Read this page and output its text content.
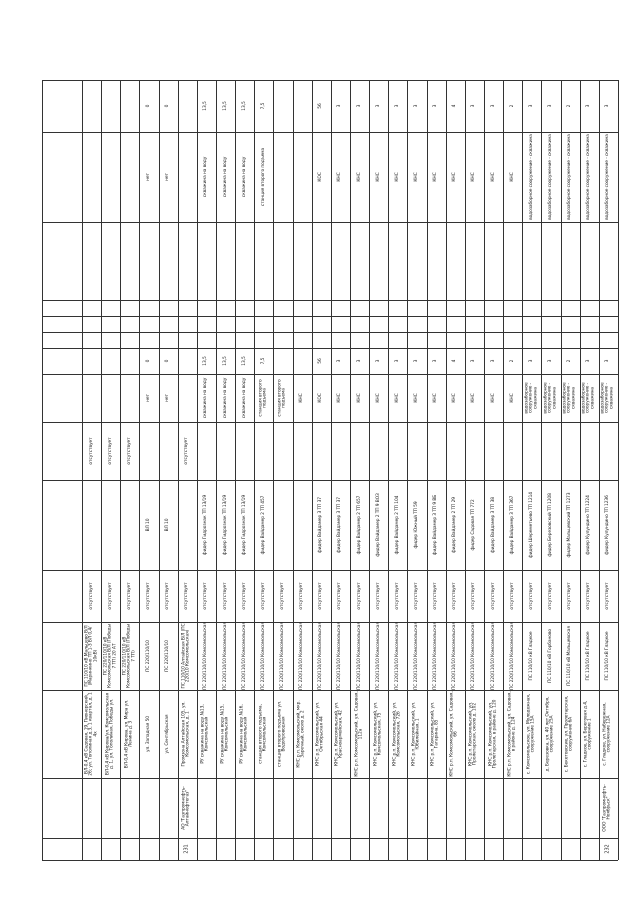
ВЛ-0,4 кВ Садовая, 19, Пионерский, 26; ул. Тополиная д.3, 1 квартал, д. 1 4х
ПС 110/10 кВ Мальцево В/Л (Маринкино ТП 1-3 ВЛ 0,4/ 10кВ)
отсутствует
отсутствует
ВЛ-0,4 кВ Кирова/ул. Комсомольская д. 1, ул. Тополиная, Победы ул.
ПС 220/110/10 кВ Комсомольская В/Л (Победы 7 ТП) 20 АТ
отсутствует
отсутствует
ВЛ-0,4 кВ Кирова, ул. Мира ул. Ленина д. 3
ПС 220/110/10 кВ Комсомольская В/Л (Победы 7 ТП)
отсутствует
отсутствует
ул. Западная 50
ПС 220/110/10
отсутствует
ВЛ 10
нет
0
нет
0
ул. Сентябрьская
ПС 220/110/10
отсутствует
ВЛ 10
нет
0
нет
0
231
АО "Газпромнефть-Алтайнефтегаз"
Промзона Алтайская 105, ул. Комсомольская, д. 1
ПС 110/10 Алтайская В/Л (ПС 220/10 Комсомольская)
отсутствует
отсутствует
РУ скважина на воду №13, Комсомольская
ПС 220/110/10 Комсомольская
отсутствует
фидер Гидрознак ТП 13/19
скважина на воду
13,5
скважина на воду
13,5
РУ скважина на воду №15, Комсомольская
ПС 220/110/10 Комсомольская
отсутствует
фидер Гидрознак ТП 13/19
скважина на воду
13,5
скважина на воду
13,5
РУ скважина на воду №16, Комсомольская
ПС 220/110/10 Комсомольская
отсутствует
фидер Гидрознак ТП 13/19
скважина на воду
13,5
скважина на воду
13,5
станция второго подъема, Комсомольская
ПС 220/110/10 Комсомольская
отсутствует
фидер Вайдамер 2 ТП 457
станция второго подъема
7,5
станция второго подъема
7,5
станция второго подъема ул. Водопроводная
ПС 220/110/10 Комсомольская
отсутствует
станция второго подъема
КНС р.п. Комсомольский, мкр. Заречный, около д. 2
ПС 220/110/10 Комсомольская
отсутствует
КНС
КНС р.п. Комсомольский, ул. Октябрьская 44
ПС 220/110/10 Комсомольская
отсутствует
фидер Вайдамер 3 ТП 37
КОС
56
КОС
56
КНС р.п. Комсомольский, ул. Красноармейская, 42
ПС 220/110/10 Комсомольская
отсутствует
фидер Вайдамер 3 ТП 37
КНС
3
КНС
3
КНС р.п. Комсомольский, ул. Садовая, 112а
ПС 220/110/10 Комсомольская
отсутствует
фидер Вайдамер 2 ТП 657
КНС
3
КНС
3
КНС р.п. Комсомольский, ул. Комсомольская, 75
ПС 220/110/10 Комсомольская
отсутствует
фидер Вайдамер 2 ТП 9 ВОЗ
КНС
3
КНС
3
КНС р.п. Комсомольский, ул. Комсомольская, 72б
ПС 220/110/10 Комсомольская
отсутствует
фидер Вайдамер 2 ТП 104
КНС
3
КНС
3
КНС р.п. Комсомольский, ул. Юбилейная, 1
ПС 220/110/10 Комсомольская
отсутствует
фидер Южный ТП 59
КНС
3
КНС
3
КНС р.п. Комсомольский, ул. Гагарина, 85
ПС 220/110/10 Комсомольская
отсутствует
фидер Вайдамер 3 ТП 9 ВБ
КНС
3
КНС
3
КНС р.п. Комсомольский, ул. Садовая, 66
ПС 220/110/10 Комсомольская
отсутствует
фидер Вайдамер 2 ТП 29
КНС
4
КНС
4
КНС р.п. Комсомольский, ул. Пролетарская, около д. 102
ПС 220/110/10 Комсомольская
отсутствует
фидер Садовая ТП 772
КНС
3
КНС
3
КНС р.п. Комсомольский, ул. Пролетарская, в районе д. 120
ПС 220/110/10 Комсомольская
отсутствует
фидер Вайдамер 3 ТП 38
КНС
3
КНС
3
КНС р.п. Комсомольский, ул. Садовая, в районе д. 124
ПС 220/110/10 Комсомольская
отсутствует
фидер Вайдамер 3 ТП 367
КНС
2
КНС
2
с. Комсомольское, ул. Молодежная, сооружение 15А
ПС 110/10 кВ Гладкое
отсутствует
фидер Шереметьево ТП 1214
водозаборное сооружение - скважина
3
водозаборное сооружение - скважина
3
д. Березовка, ул. 40 лет Октября, сооружение 25А
ПС 110/10 кВ Горбаново
отсутствует
фидер Березовский ТП 1208
водозаборное сооружение - скважина
3
водозаборное сооружение - скважина
3
с. Бекетовские, ул. Пролетарская, сооружение 6А
ПС 110/10 кВ Мальцевская
отсутствует
фидер Мальцевский ТП 1273
водозаборное сооружение - скважина
2
водозаборное сооружение - скважина
2
с. Гладкое, ул. Береговая д.4, сооружение 1
ПС 110/10 кВ Гладкое
отсутствует
фидер Кулундино ТП 1224
водозаборное сооружение - скважина
3
водозаборное сооружение - скважина
3
232
ООО "Газпромнефть-Ноябрьск"
с. Гладкое, ул. Набережная, сооружение 12А
ПС 110/10 кВ Гладкое
отсутствует
фидер Кулундино ТП 1236
водозаборное сооружение - скважина
3
водозаборное сооружение - скважина
3
